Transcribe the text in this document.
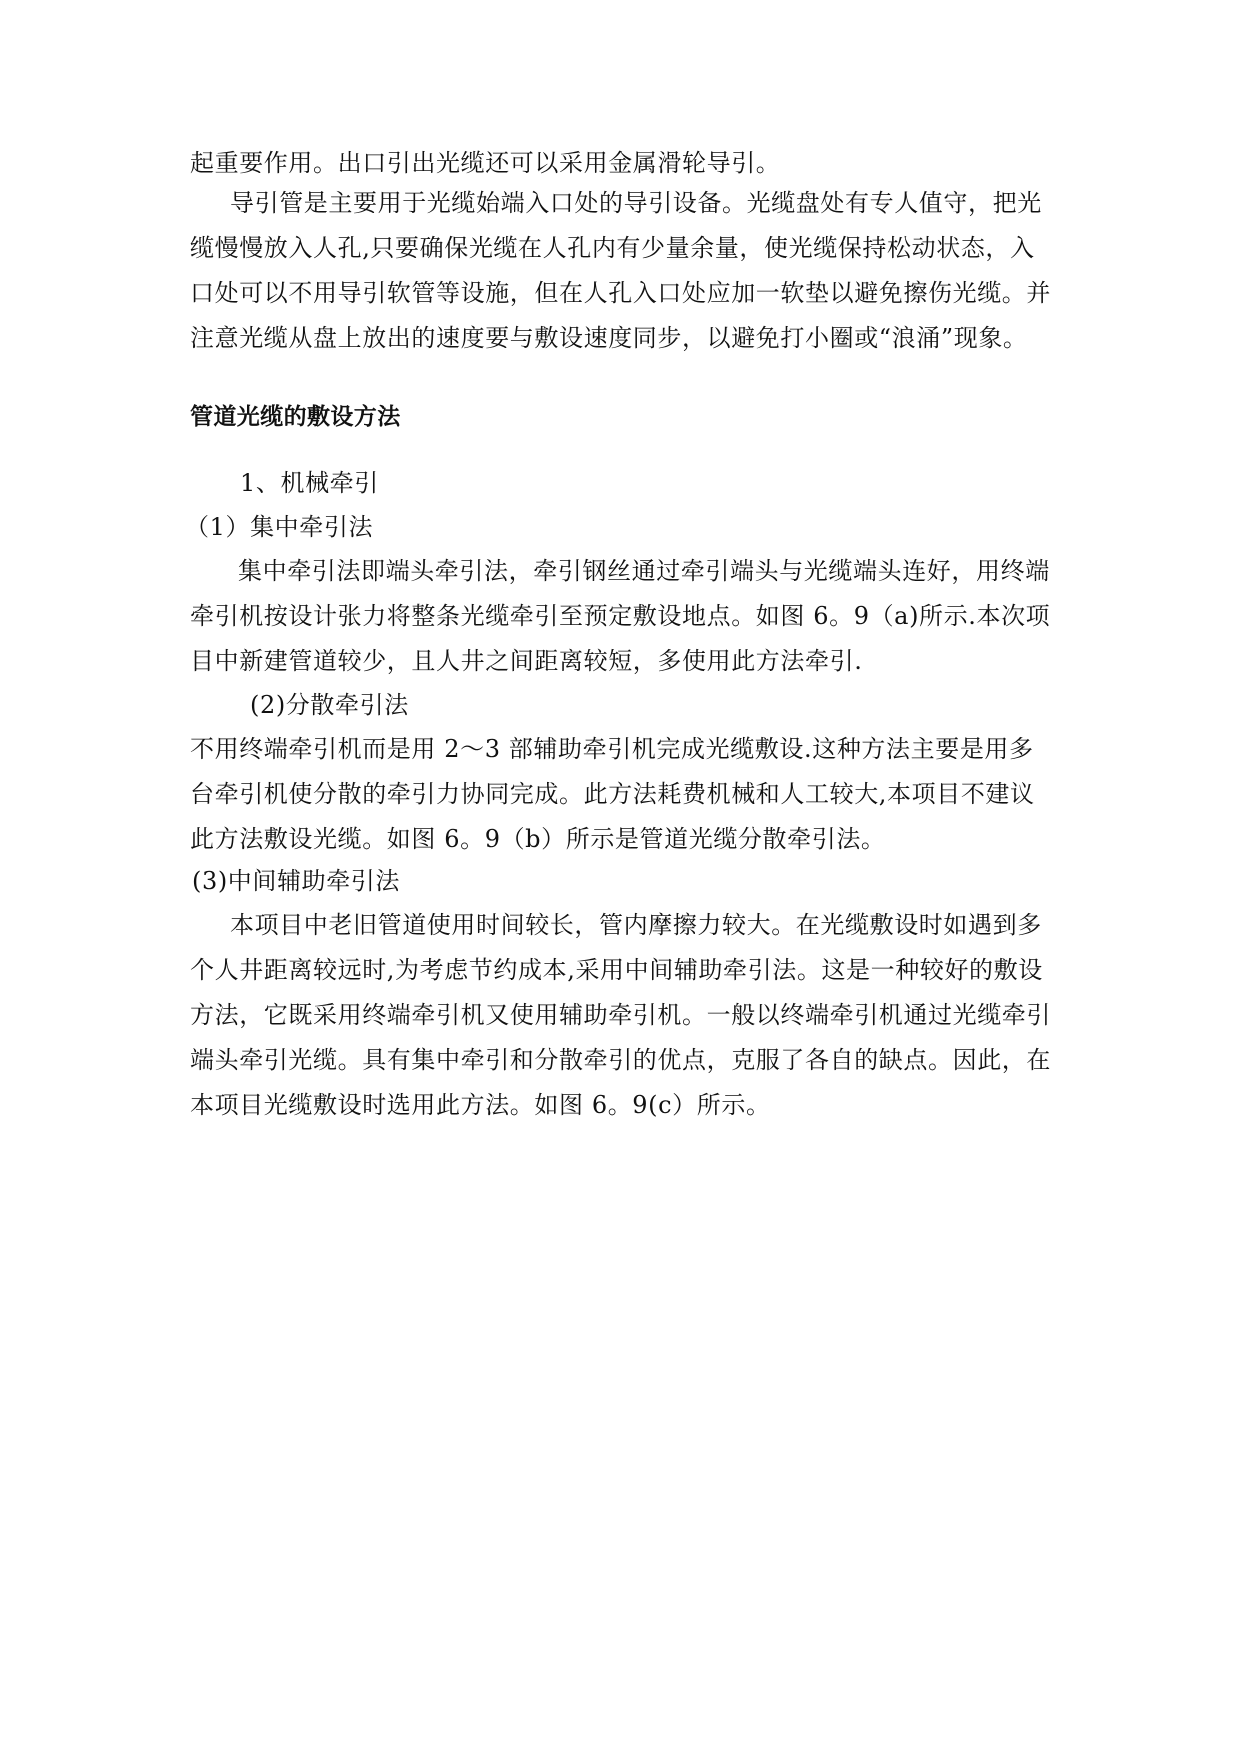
起重要作用。出口引出光缆还可以采用金属滑轮导引。
导引管是主要用于光缆始端入口处的导引设备。光缆盘处有专人值守，把光
缆慢慢放入人孔,只要确保光缆在人孔内有少量余量，使光缆保持松动状态，入
口处可以不用导引软管等设施，但在人孔入口处应加一软垫以避免擦伤光缆。并
注意光缆从盘上放出的速度要与敷设速度同步，以避免打小圈或“浪涌”现象。
管道光缆的敷设方法
1、机械牵引
（1）集中牵引法
集中牵引法即端头牵引法，牵引钢丝通过牵引端头与光缆端头连好，用终端
牵引机按设计张力将整条光缆牵引至预定敷设地点。如图 6。9（a)所示.本次项
目中新建管道较少，且人井之间距离较短，多使用此方法牵引.
(2)分散牵引法
不用终端牵引机而是用 2～3 部辅助牵引机完成光缆敷设.这种方法主要是用多
台牵引机使分散的牵引力协同完成。此方法耗费机械和人工较大,本项目不建议
此方法敷设光缆。如图 6。9（b）所示是管道光缆分散牵引法。
(3)中间辅助牵引法
本项目中老旧管道使用时间较长，管内摩擦力较大。在光缆敷设时如遇到多
个人井距离较远时,为考虑节约成本,采用中间辅助牵引法。这是一种较好的敷设
方法，它既采用终端牵引机又使用辅助牵引机。一般以终端牵引机通过光缆牵引
端头牵引光缆。具有集中牵引和分散牵引的优点，克服了各自的缺点。因此，在
本项目光缆敷设时选用此方法。如图 6。9(c）所示。
